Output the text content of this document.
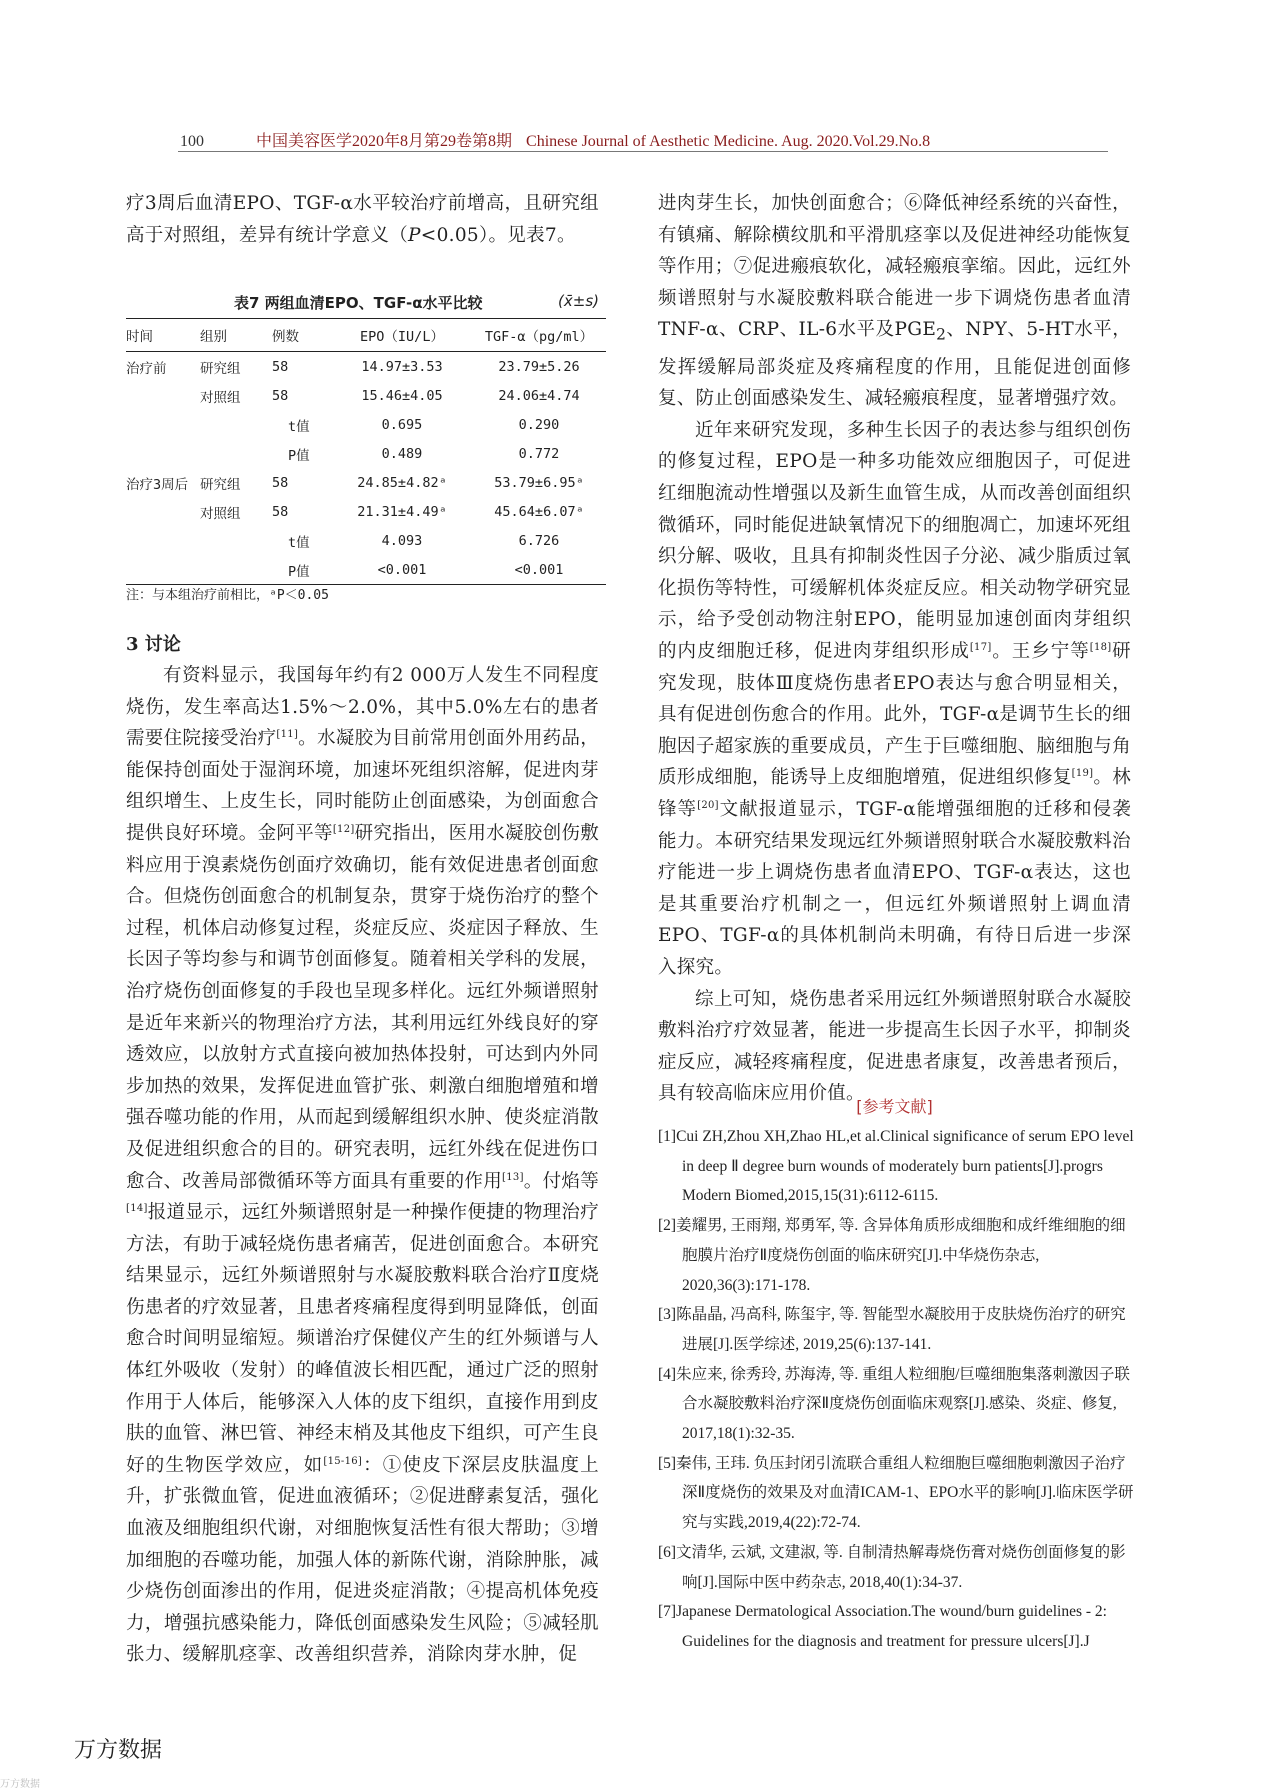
100	中国美容医学2020年8月第29卷第8期 Chinese Journal of Aesthetic Medicine. Aug. 2020.Vol.29.No.8

疗3周后血清EPO、TGF-α水平较治疗前增高，且研究组高于对照组，差异有统计学意义（P<0.05）。见表7。

表7 两组血清EPO、TGF-α水平比较	(x̄±s)
时间	组别	例数	EPO（IU/L）	TGF-α（pg/ml）
治疗前	研究组	58	14.97±3.53	23.79±5.26
	对照组	58	15.46±4.05	24.06±4.74
	t值		0.695	0.290
	P值		0.489	0.772
治疗3周后	研究组	58	24.85±4.82ᵃ	53.79±6.95ᵃ
	对照组	58	21.31±4.49ᵃ	45.64±6.07ᵃ
	t值		4.093	6.726
	P值		<0.001	<0.001
注：与本组治疗前相比，ᵃP＜0.05
3 讨论

有资料显示，我国每年约有2 000万人发生不同程度烧伤，发生率高达1.5%～2.0%，其中5.0%左右的患者需要住院接受治疗[11]。水凝胶为目前常用创面外用药品，能保持创面处于湿润环境，加速坏死组织溶解，促进肉芽组织增生、上皮生长，同时能防止创面感染，为创面愈合提供良好环境。金阿平等[12]研究指出，医用水凝胶创伤敷料应用于溴素烧伤创面疗效确切，能有效促进患者创面愈合。但烧伤创面愈合的机制复杂，贯穿于烧伤治疗的整个过程，机体启动修复过程，炎症反应、炎症因子释放、生长因子等均参与和调节创面修复。随着相关学科的发展，治疗烧伤创面修复的手段也呈现多样化。远红外频谱照射是近年来新兴的物理治疗方法，其利用远红外线良好的穿透效应，以放射方式直接向被加热体投射，可达到内外同步加热的效果，发挥促进血管扩张、刺激白细胞增殖和增强吞噬功能的作用，从而起到缓解组织水肿、使炎症消散及促进组织愈合的目的。研究表明，远红外线在促进伤口愈合、改善局部微循环等方面具有重要的作用[13]。付焰等[14]报道显示，远红外频谱照射是一种操作便捷的物理治疗方法，有助于减轻烧伤患者痛苦，促进创面愈合。本研究结果显示，远红外频谱照射与水凝胶敷料联合治疗Ⅱ度烧伤患者的疗效显著，且患者疼痛程度得到明显降低，创面愈合时间明显缩短。频谱治疗保健仪产生的红外频谱与人体红外吸收（发射）的峰值波长相匹配，通过广泛的照射作用于人体后，能够深入人体的皮下组织，直接作用到皮肤的血管、淋巴管、神经末梢及其他皮下组织，可产生良好的生物医学效应，如[15-16]：①使皮下深层皮肤温度上升，扩张微血管，促进血液循环；②促进酵素复活，强化血液及细胞组织代谢，对细胞恢复活性有很大帮助；③增加细胞的吞噬功能，加强人体的新陈代谢，消除肿胀，减少烧伤创面渗出的作用，促进炎症消散；④提高机体免疫力，增强抗感染能力，降低创面感染发生风险；⑤减轻肌张力、缓解肌痉挛、改善组织营养，消除肉芽水肿，促

进肉芽生长，加快创面愈合；⑥降低神经系统的兴奋性，有镇痛、解除横纹肌和平滑肌痉挛以及促进神经功能恢复等作用；⑦促进瘢痕软化，减轻瘢痕挛缩。因此，远红外频谱照射与水凝胶敷料联合能进一步下调烧伤患者血清TNF-α、CRP、IL-6水平及$PGE_2$、NPY、5-HT水平，发挥缓解局部炎症及疼痛程度的作用，且能促进创面修复、防止创面感染发生、减轻瘢痕程度，显著增强疗效。

近年来研究发现，多种生长因子的表达参与组织创伤的修复过程，EPO是一种多功能效应细胞因子，可促进红细胞流动性增强以及新生血管生成，从而改善创面组织微循环，同时能促进缺氧情况下的细胞凋亡，加速坏死组织分解、吸收，且具有抑制炎性因子分泌、减少脂质过氧化损伤等特性，可缓解机体炎症反应。相关动物学研究显示，给予受创动物注射EPO，能明显加速创面肉芽组织的内皮细胞迁移，促进肉芽组织形成[17]。王乡宁等[18]研究发现，肢体Ⅲ度烧伤患者EPO表达与愈合明显相关，具有促进创伤愈合的作用。此外，TGF-α是调节生长的细胞因子超家族的重要成员，产生于巨噬细胞、脑细胞与角质形成细胞，能诱导上皮细胞增殖，促进组织修复[19]。林锋等[20]文献报道显示，TGF-α能增强细胞的迁移和侵袭能力。本研究结果发现远红外频谱照射联合水凝胶敷料治疗能进一步上调烧伤患者血清EPO、TGF-α表达，这也是其重要治疗机制之一，但远红外频谱照射上调血清EPO、TGF-α的具体机制尚未明确，有待日后进一步深入探究。

综上可知，烧伤患者采用远红外频谱照射联合水凝胶敷料治疗疗效显著，能进一步提高生长因子水平，抑制炎症反应，减轻疼痛程度，促进患者康复，改善患者预后，具有较高临床应用价值。

[参考文献]

[1]Cui ZH,Zhou XH,Zhao HL,et al.Clinical significance of serum EPO level in deep Ⅱ degree burn wounds of moderately burn patients[J].progrs Modern Biomed,2015,15(31):6112-6115.

[2]姜耀男, 王雨翔, 郑勇军, 等. 含异体角质形成细胞和成纤维细胞的细胞膜片治疗Ⅱ度烧伤创面的临床研究[J].中华烧伤杂志, 2020,36(3):171-178.

[3]陈晶晶, 冯高科, 陈玺宇, 等. 智能型水凝胶用于皮肤烧伤治疗的研究进展[J].医学综述, 2019,25(6):137-141.

[4]朱应来, 徐秀玲, 苏海涛, 等. 重组人粒细胞/巨噬细胞集落刺激因子联合水凝胶敷料治疗深Ⅱ度烧伤创面临床观察[J].感染、炎症、修复, 2017,18(1):32-35.

[5]秦伟, 王玮. 负压封闭引流联合重组人粒细胞巨噬细胞刺激因子治疗深Ⅱ度烧伤的效果及对血清ICAM-1、EPO水平的影响[J].临床医学研究与实践,2019,4(22):72-74.

[6]文清华, 云斌, 文建淑, 等. 自制清热解毒烧伤膏对烧伤创面修复的影响[J].国际中医中药杂志, 2018,40(1):34-37.

[7]Japanese Dermatological Association.The wound/burn guidelines - 2: Guidelines for the diagnosis and treatment for pressure ulcers[J].J

万方数据
万方数据
